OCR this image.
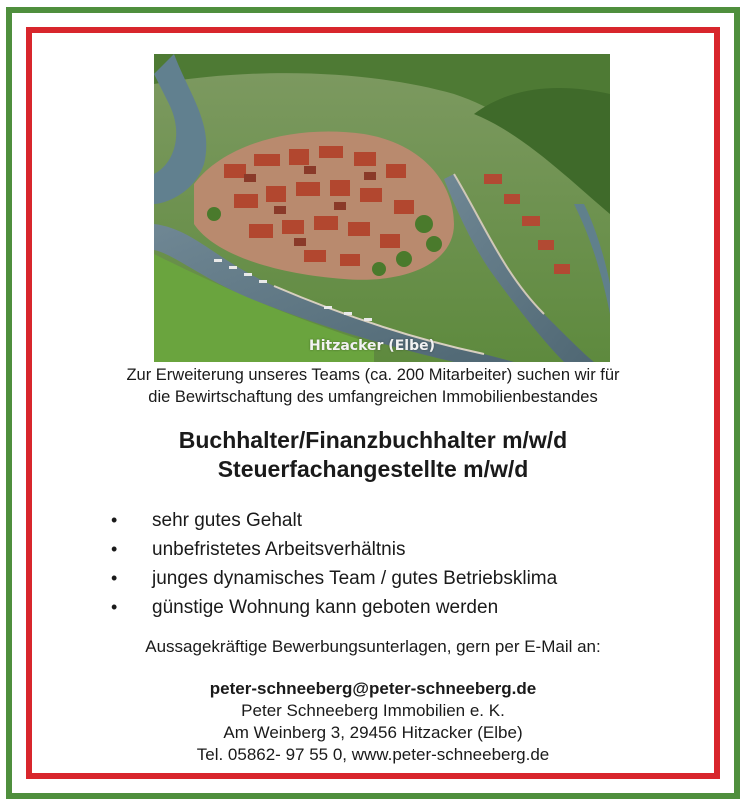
Hitzacker (Elbe)

Zur Erweiterung unseres Teams (ca. 200 Mitarbeiter) suchen wir für

die Bewirtschaftung des umfangreichen Immobilienbestandes

Buchhalter/Finanzbuchhalter m/w/d

Steuerfachangestellte m/w/d

• sehr gutes Gehalt
• unbefristetes Arbeitsverhältnis
• junges dynamisches Team / gutes Betriebsklima
• günstige Wohnung kann geboten werden
Aussagekräftige Bewerbungsunterlagen, gern per E-Mail an:
peter-schneeberg@peter-schneeberg.de
Peter Schneeberg Immobilien e. K.
Am Weinberg 3, 29456 Hitzacker (Elbe)
Tel. 05862- 97 55 0, www.peter-schneeberg.de
